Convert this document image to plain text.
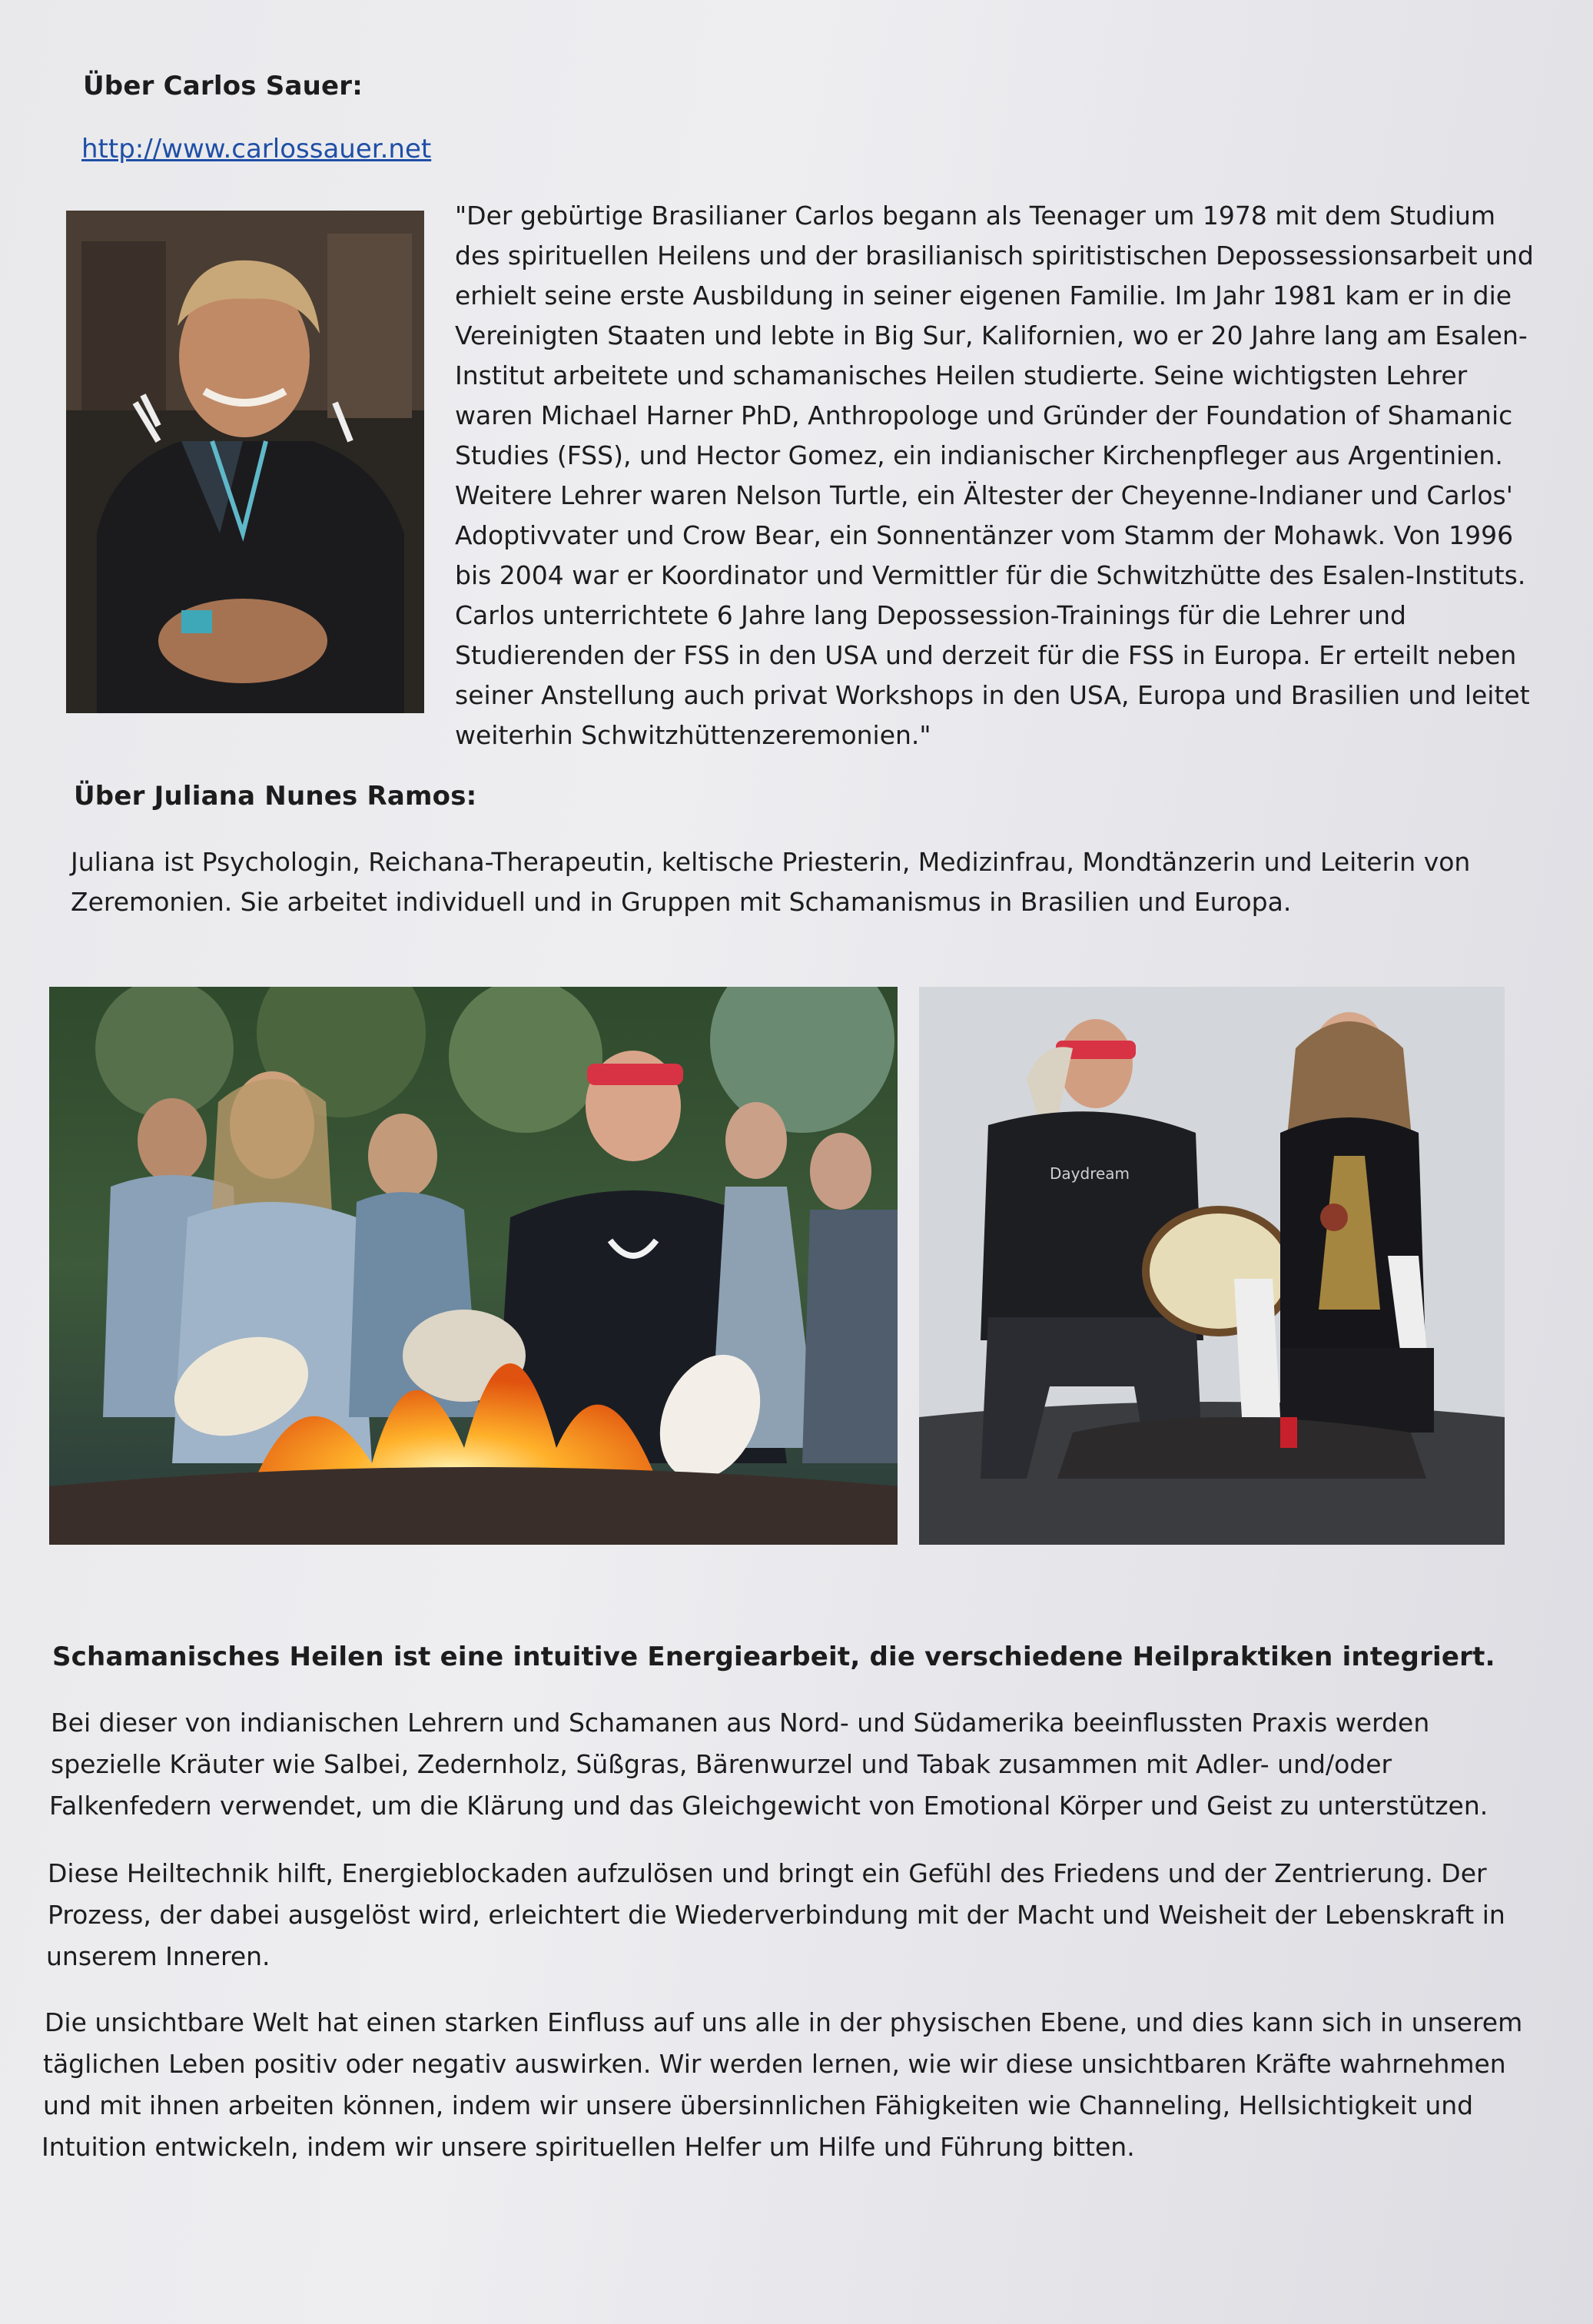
Über Carlos Sauer:
http://www.carlossauer.net

"Der gebürtige Brasilianer Carlos begann als Teenager um 1978 mit dem Studium des spirituellen Heilens und der brasilianisch spiritistischen Depossessionsarbeit und erhielt seine erste Ausbildung in seiner eigenen Familie. Im Jahr 1981 kam er in die Vereinigten Staaten und lebte in Big Sur, Kalifornien, wo er 20 Jahre lang am Esalen-Institut arbeitete und schamanisches Heilen studierte. Seine wichtigsten Lehrer waren Michael Harner PhD, Anthropologe und Gründer der Foundation of Shamanic Studies (FSS), und Hector Gomez, ein indianischer Kirchenpfleger aus Argentinien. Weitere Lehrer waren Nelson Turtle, ein Ältester der Cheyenne-Indianer und Carlos' Adoptivvater und Crow Bear, ein Sonnentänzer vom Stamm der Mohawk. Von 1996 bis 2004 war er Koordinator und Vermittler für die Schwitzhütte des Esalen-Instituts. Carlos unterrichtete 6 Jahre lang Depossession-Trainings für die Lehrer und Studierenden der FSS in den USA und derzeit für die FSS in Europa. Er erteilt neben seiner Anstellung auch privat Workshops in den USA, Europa und Brasilien und leitet weiterhin Schwitzhüttenzeremonien."

Über Juliana Nunes Ramos:
Juliana ist Psychologin, Reichana-Therapeutin, keltische Priesterin, Medizinfrau, Mondtänzerin und Leiterin von
Zeremonien. Sie arbeitet individuell und in Gruppen mit Schamanismus in Brasilien und Europa.
Daydream
Schamanisches Heilen ist eine intuitive Energiearbeit, die verschiedene Heilpraktiken integriert.
Bei dieser von indianischen Lehrern und Schamanen aus Nord- und Südamerika beeinflussten Praxis werden
spezielle Kräuter wie Salbei, Zedernholz, Süßgras, Bärenwurzel und Tabak zusammen mit Adler- und/oder
Falkenfedern verwendet, um die Klärung und das Gleichgewicht von Emotional Körper und Geist zu unterstützen.
Diese Heiltechnik hilft, Energieblockaden aufzulösen und bringt ein Gefühl des Friedens und der Zentrierung. Der
Prozess, der dabei ausgelöst wird, erleichtert die Wiederverbindung mit der Macht und Weisheit der Lebenskraft in
unserem Inneren.
Die unsichtbare Welt hat einen starken Einfluss auf uns alle in der physischen Ebene, und dies kann sich in unserem
täglichen Leben positiv oder negativ auswirken. Wir werden lernen, wie wir diese unsichtbaren Kräfte wahrnehmen
und mit ihnen arbeiten können, indem wir unsere übersinnlichen Fähigkeiten wie Channeling, Hellsichtigkeit und
Intuition entwickeln, indem wir unsere spirituellen Helfer um Hilfe und Führung bitten.
